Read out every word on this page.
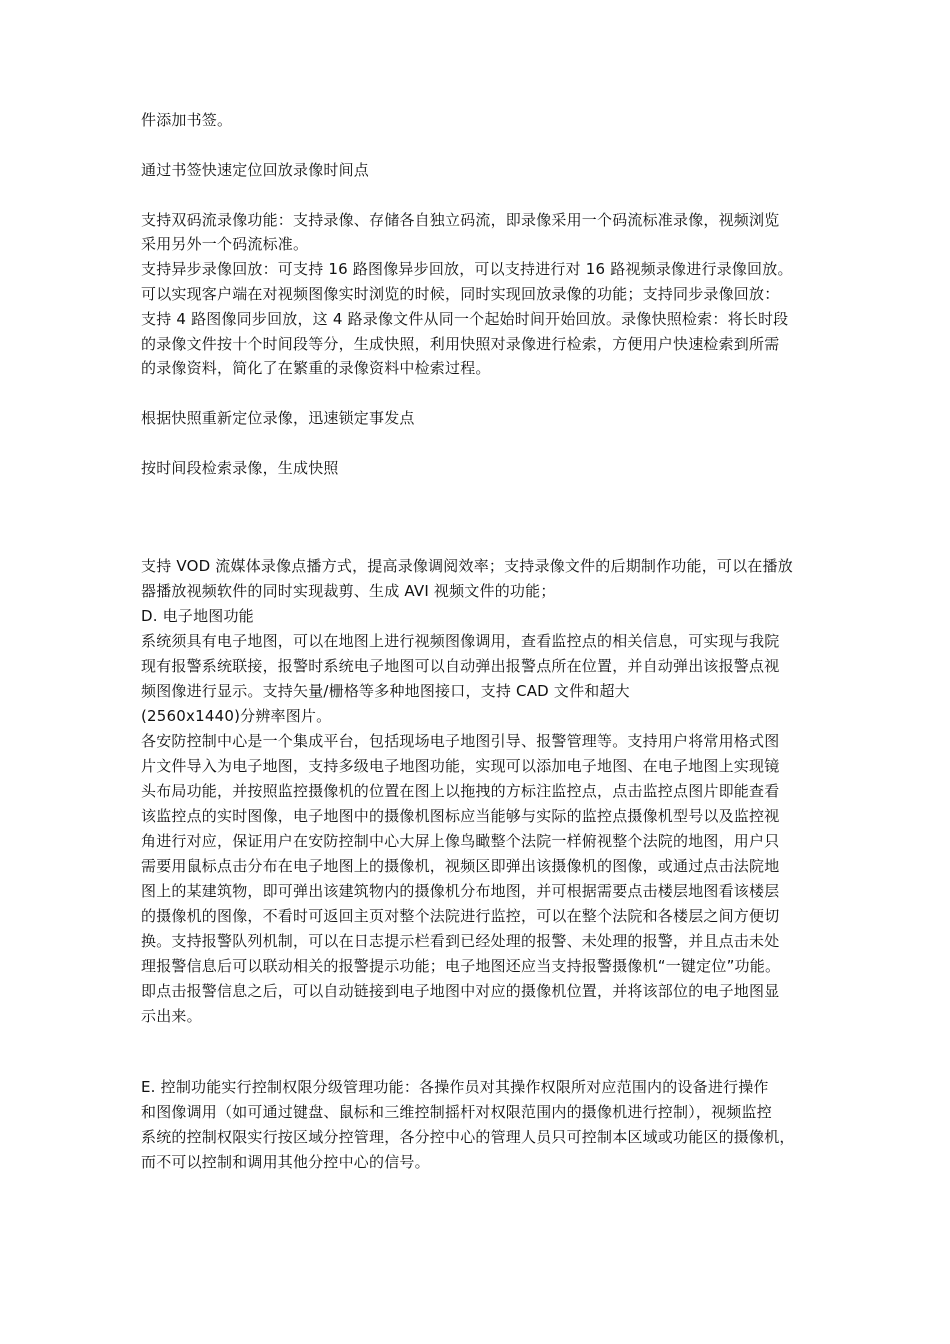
件添加书签。
通过书签快速定位回放录像时间点
支持双码流录像功能：支持录像、存储各自独立码流，即录像采用一个码流标准录像，视频浏览
采用另外一个码流标准。
支持异步录像回放：可支持 16 路图像异步回放，可以支持进行对 16 路视频录像进行录像回放。
可以实现客户端在对视频图像实时浏览的时候，同时实现回放录像的功能；支持同步录像回放：
支持 4 路图像同步回放，这 4 路录像文件从同一个起始时间开始回放。录像快照检索：将长时段
的录像文件按十个时间段等分，生成快照，利用快照对录像进行检索，方便用户快速检索到所需
的录像资料，简化了在繁重的录像资料中检索过程。
根据快照重新定位录像，迅速锁定事发点
按时间段检索录像，生成快照
支持 VOD 流媒体录像点播方式，提高录像调阅效率；支持录像文件的后期制作功能，可以在播放
器播放视频软件的同时实现裁剪、生成 AVI 视频文件的功能；
D. 电子地图功能
系统须具有电子地图，可以在地图上进行视频图像调用，查看监控点的相关信息，可实现与我院
现有报警系统联接，报警时系统电子地图可以自动弹出报警点所在位置，并自动弹出该报警点视
频图像进行显示。支持矢量/栅格等多种地图接口，支持 CAD 文件和超大
(2560x1440)分辨率图片。
各安防控制中心是一个集成平台，包括现场电子地图引导、报警管理等。支持用户将常用格式图
片文件导入为电子地图，支持多级电子地图功能，实现可以添加电子地图、在电子地图上实现镜
头布局功能，并按照监控摄像机的位置在图上以拖拽的方标注监控点，点击监控点图片即能查看
该监控点的实时图像，电子地图中的摄像机图标应当能够与实际的监控点摄像机型号以及监控视
角进行对应，保证用户在安防控制中心大屏上像鸟瞰整个法院一样俯视整个法院的地图，用户只
需要用鼠标点击分布在电子地图上的摄像机，视频区即弹出该摄像机的图像，或通过点击法院地
图上的某建筑物，即可弹出该建筑物内的摄像机分布地图，并可根据需要点击楼层地图看该楼层
的摄像机的图像，不看时可返回主页对整个法院进行监控，可以在整个法院和各楼层之间方便切
换。支持报警队列机制，可以在日志提示栏看到已经处理的报警、未处理的报警，并且点击未处
理报警信息后可以联动相关的报警提示功能；电子地图还应当支持报警摄像机“一键定位”功能。
即点击报警信息之后，可以自动链接到电子地图中对应的摄像机位置，并将该部位的电子地图显
示出来。
E. 控制功能实行控制权限分级管理功能：各操作员对其操作权限所对应范围内的设备进行操作
和图像调用（如可通过键盘、鼠标和三维控制摇杆对权限范围内的摄像机进行控制），视频监控
系统的控制权限实行按区域分控管理，各分控中心的管理人员只可控制本区域或功能区的摄像机，
而不可以控制和调用其他分控中心的信号。
